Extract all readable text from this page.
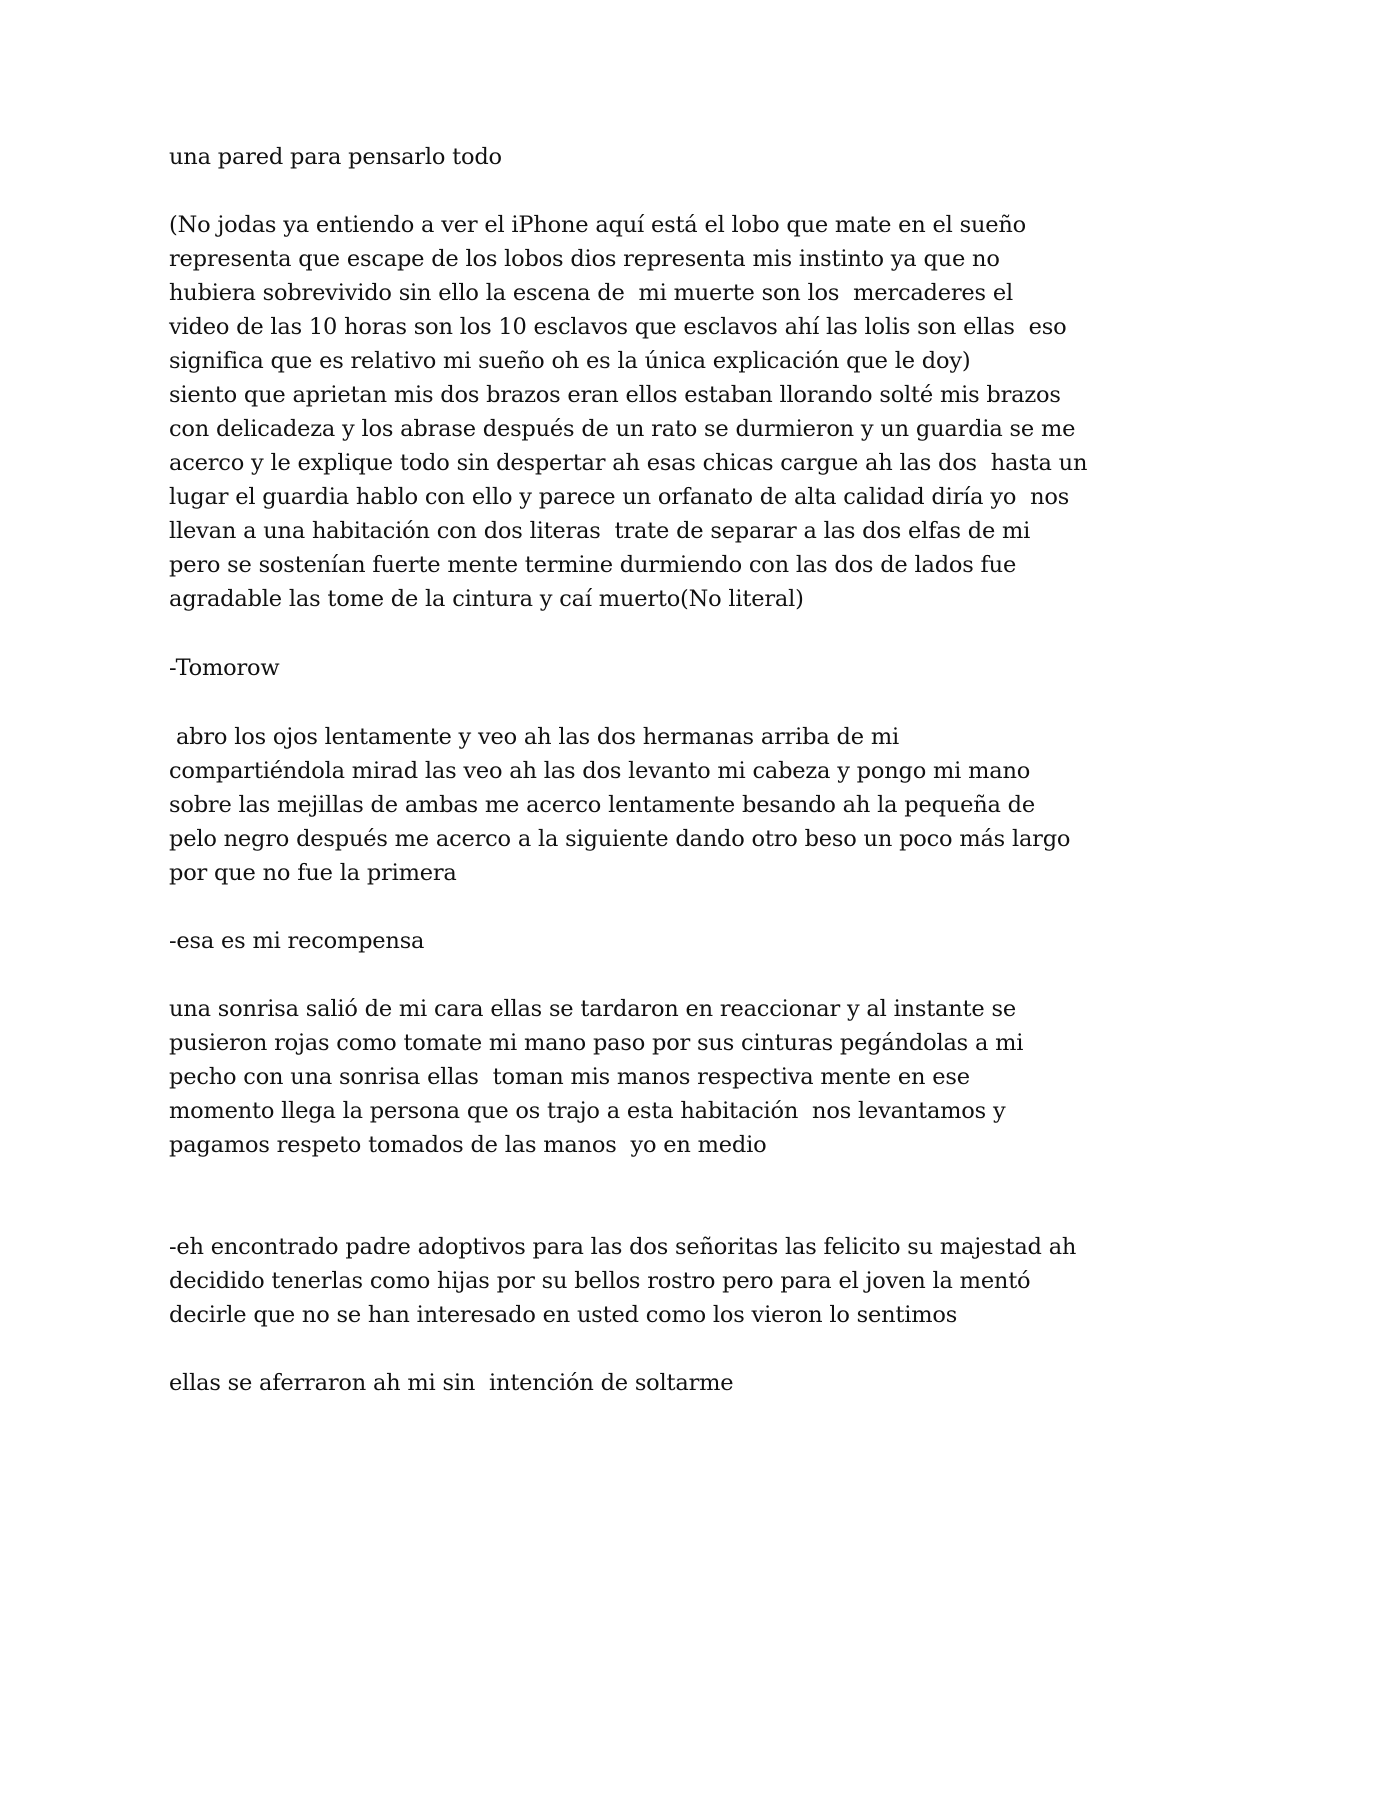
una pared para pensarlo todo
(No jodas ya entiendo a ver el iPhone aquí está el lobo que mate en el sueño
representa que escape de los lobos dios representa mis instinto ya que no
hubiera sobrevivido sin ello la escena de  mi muerte son los  mercaderes el
video de las 10 horas son los 10 esclavos que esclavos ahí las lolis son ellas  eso
significa que es relativo mi sueño oh es la única explicación que le doy)
siento que aprietan mis dos brazos eran ellos estaban llorando solté mis brazos
con delicadeza y los abrase después de un rato se durmieron y un guardia se me
acerco y le explique todo sin despertar ah esas chicas cargue ah las dos  hasta un
lugar el guardia hablo con ello y parece un orfanato de alta calidad diría yo  nos
llevan a una habitación con dos literas  trate de separar a las dos elfas de mi
pero se sostenían fuerte mente termine durmiendo con las dos de lados fue
agradable las tome de la cintura y caí muerto(No literal)
-Tomorow
abro los ojos lentamente y veo ah las dos hermanas arriba de mi
compartiéndola mirad las veo ah las dos levanto mi cabeza y pongo mi mano
sobre las mejillas de ambas me acerco lentamente besando ah la pequeña de
pelo negro después me acerco a la siguiente dando otro beso un poco más largo
por que no fue la primera
-esa es mi recompensa
una sonrisa salió de mi cara ellas se tardaron en reaccionar y al instante se
pusieron rojas como tomate mi mano paso por sus cinturas pegándolas a mi
pecho con una sonrisa ellas  toman mis manos respectiva mente en ese
momento llega la persona que os trajo a esta habitación  nos levantamos y
pagamos respeto tomados de las manos  yo en medio
-eh encontrado padre adoptivos para las dos señoritas las felicito su majestad ah
decidido tenerlas como hijas por su bellos rostro pero para el joven la mentó
decirle que no se han interesado en usted como los vieron lo sentimos
ellas se aferraron ah mi sin  intención de soltarme
